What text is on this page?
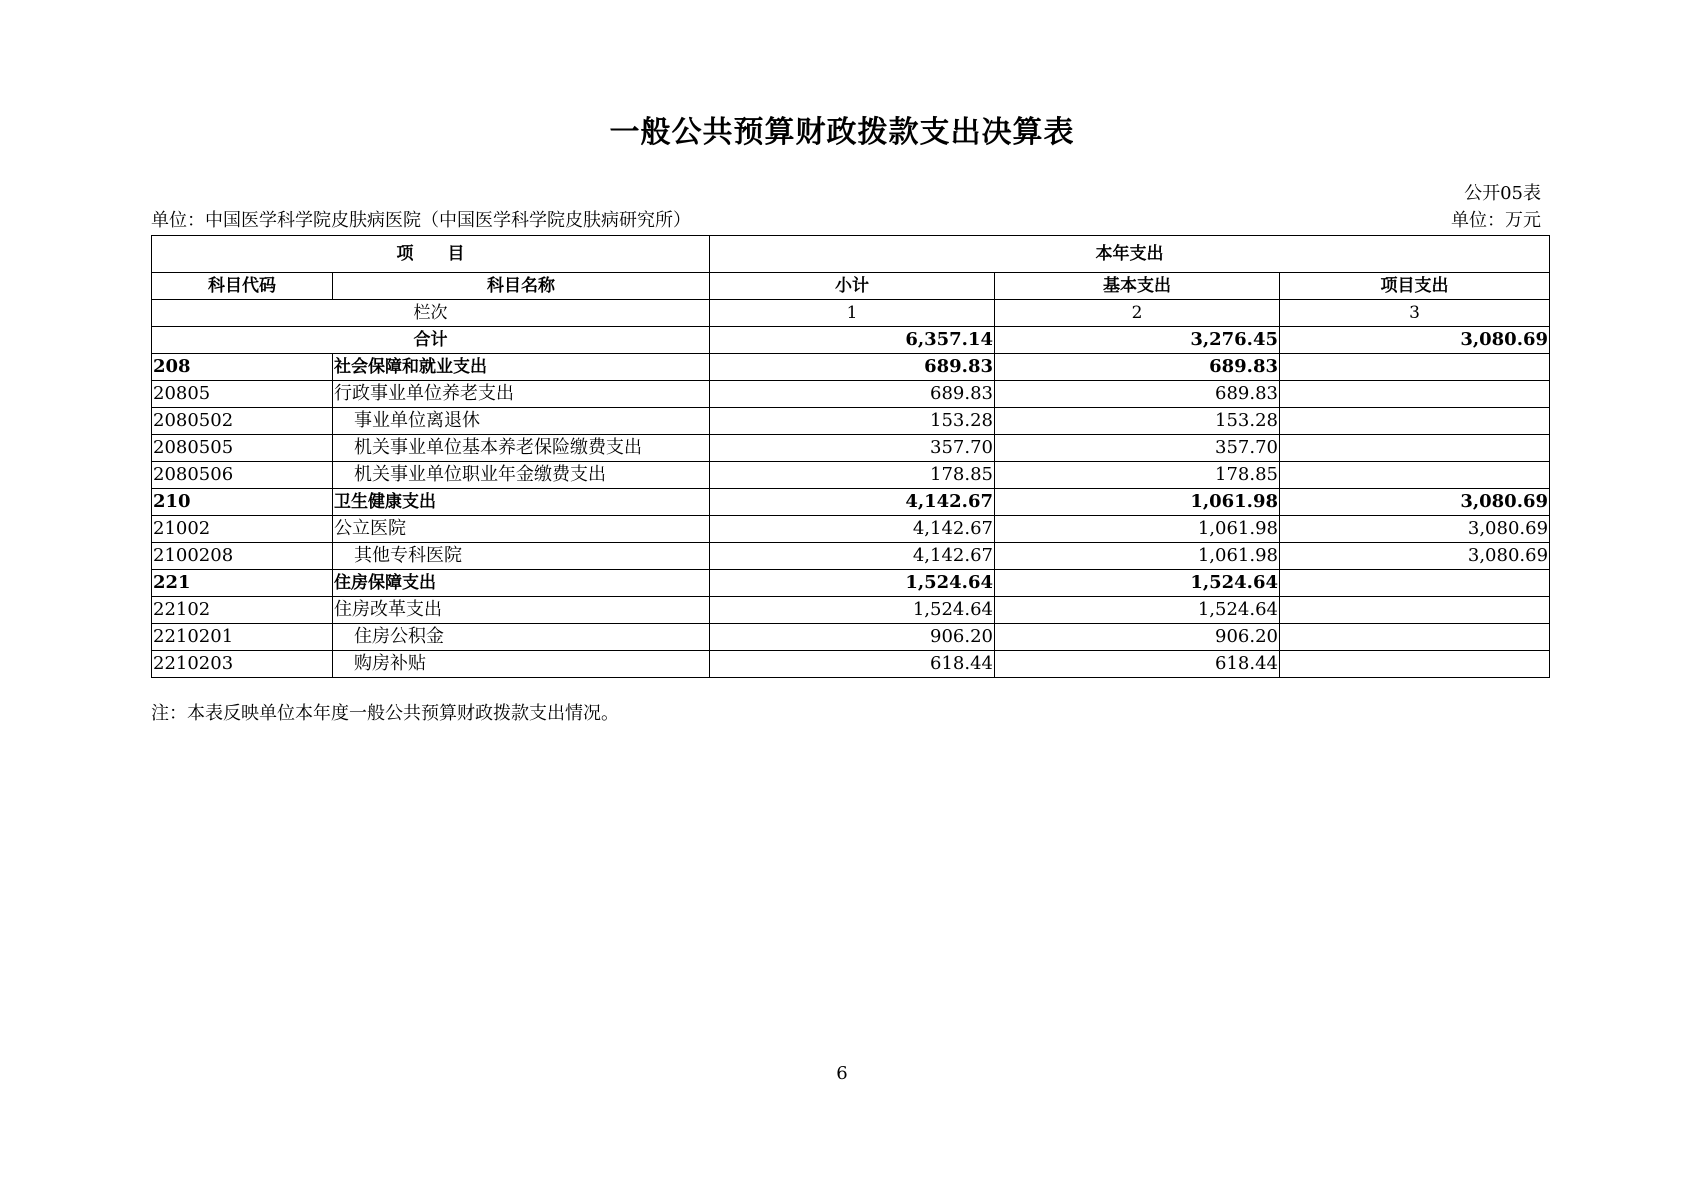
一般公共预算财政拨款支出决算表
公开05表
单位：中国医学科学院皮肤病医院（中国医学科学院皮肤病研究所）	单位：万元
项　　目		本年支出		
科目代码	科目名称	小计	基本支出	项目支出
栏次		1	2	3
合计		6,357.14	3,276.45	3,080.69
208	社会保障和就业支出	689.83	689.83	
20805	行政事业单位养老支出	689.83	689.83	
2080502	事业单位离退休	153.28	153.28	
2080505	机关事业单位基本养老保险缴费支出	357.70	357.70	
2080506	机关事业单位职业年金缴费支出	178.85	178.85	
210	卫生健康支出	4,142.67	1,061.98	3,080.69
21002	公立医院	4,142.67	1,061.98	3,080.69
2100208	其他专科医院	4,142.67	1,061.98	3,080.69
221	住房保障支出	1,524.64	1,524.64	
22102	住房改革支出	1,524.64	1,524.64	
2210201	住房公积金	906.20	906.20	
2210203	购房补贴	618.44	618.44	
注：本表反映单位本年度一般公共预算财政拨款支出情况。
6
